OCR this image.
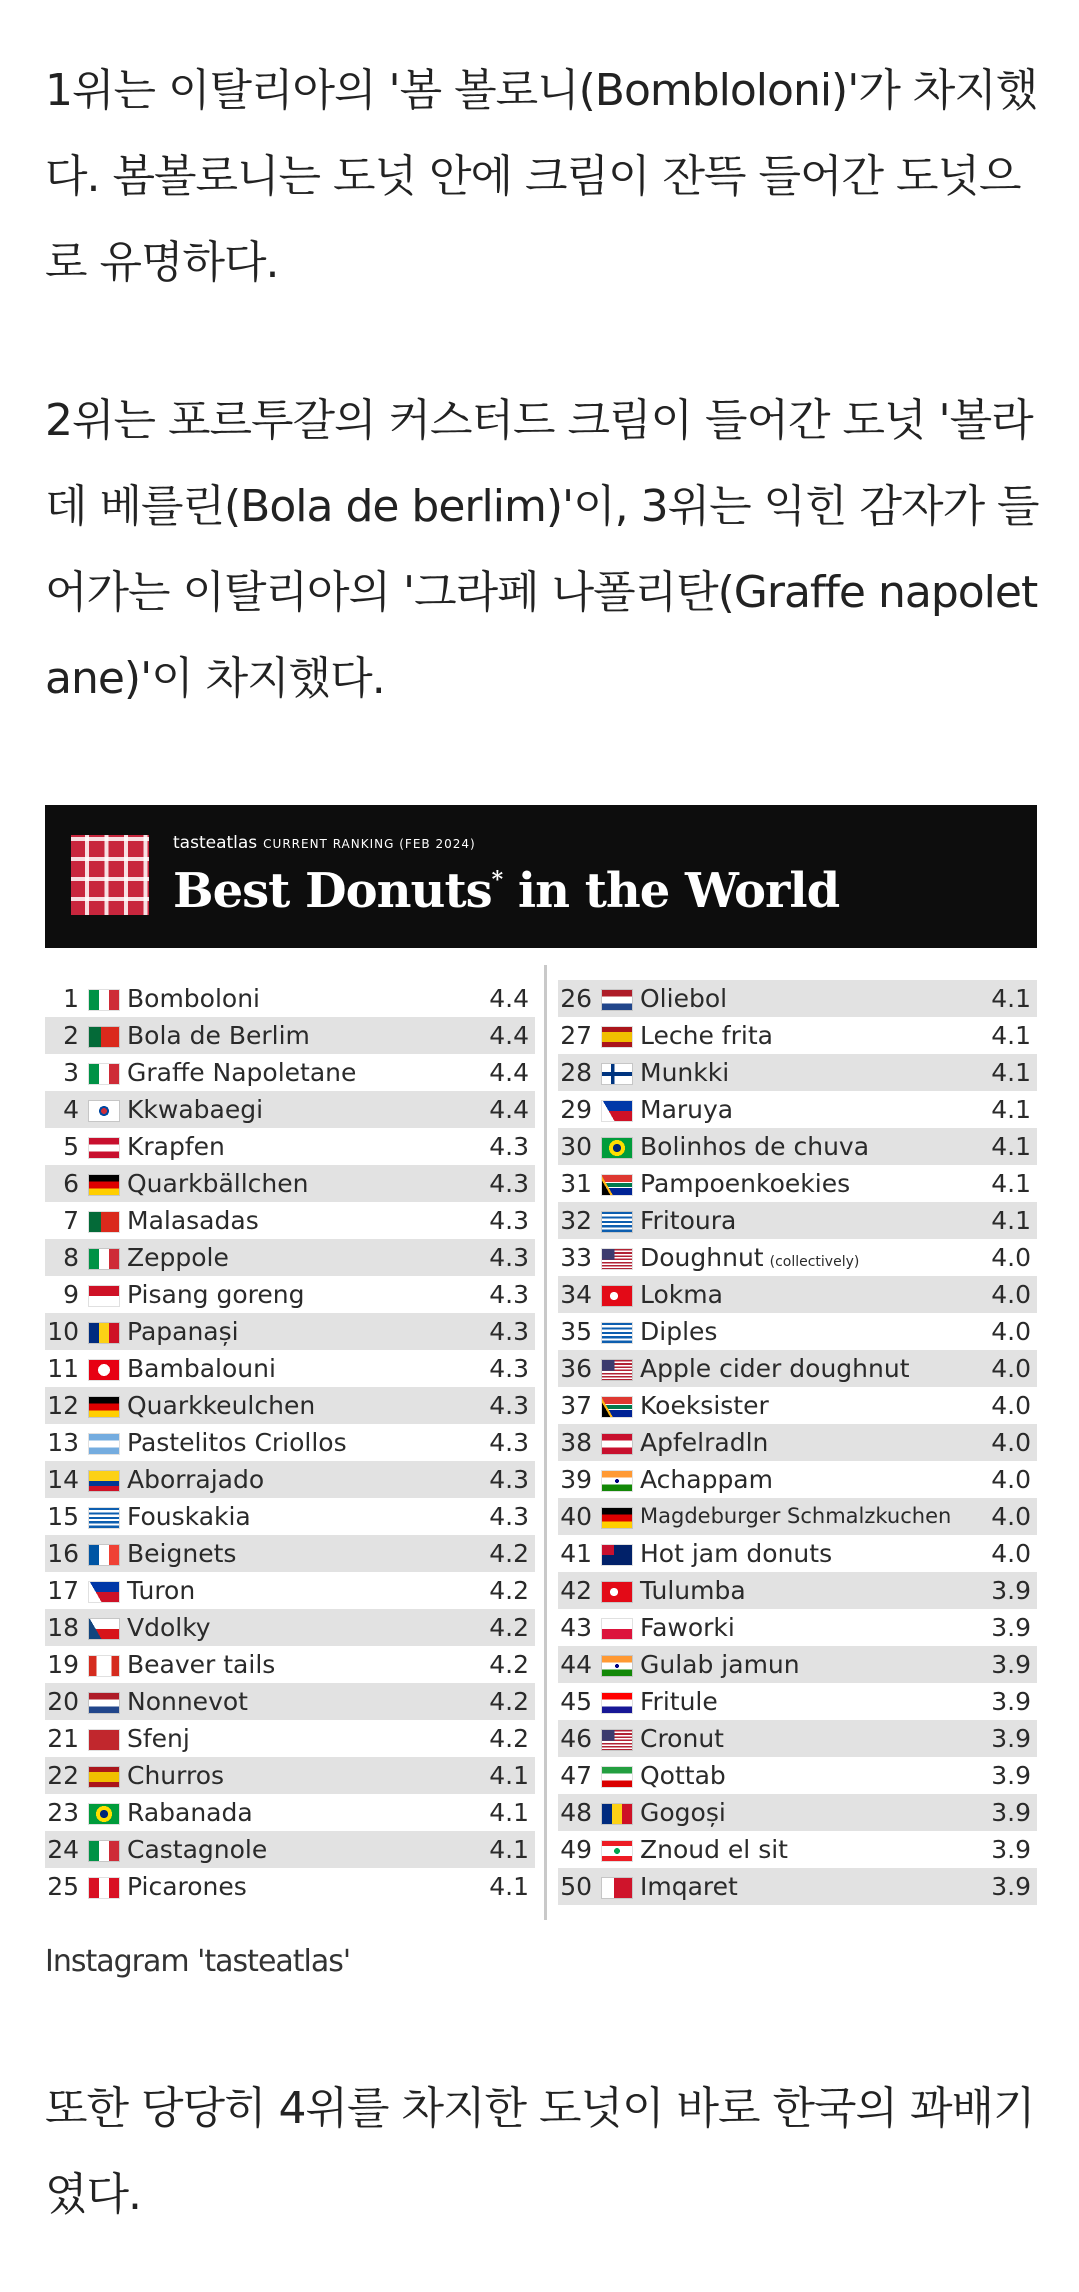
1위는 이탈리아의 '봄 볼로니(Bombloloni)'가 차지했다. 봄볼로니는 도넛 안에 크림이 잔뜩 들어간 도넛으로 유명하다.
2위는 포르투갈의 커스터드 크림이 들어간 도넛 '볼라 데 베를린(Bola de berlim)'이, 3위는 익힌 감자가 들어가는 이탈리아의 '그라페 나폴리탄(Graffe napoletane)'이 차지했다.
tasteatlas CURRENT RANKING (FEB 2024)
Best Donuts* in the World
1 Bomboloni	4.4
2 Bola de Berlim	4.4
3 Graffe Napoletane	4.4
4 Kkwabaegi	4.4
5 Krapfen	4.3
6 Quarkbällchen	4.3
7 Malasadas	4.3
8 Zeppole	4.3
9 Pisang goreng	4.3
10 Papanași	4.3
11 Bambalouni	4.3
12 Quarkkeulchen	4.3
13 Pastelitos Criollos	4.3
14 Aborrajado	4.3
15 Fouskakia	4.3
16 Beignets	4.2
17 Turon	4.2
18 Vdolky	4.2
19 Beaver tails	4.2
20 Nonnevot	4.2
21 Sfenj	4.2
22 Churros	4.1
23 Rabanada	4.1
24 Castagnole	4.1
25 Picarones	4.1
26 Oliebol	4.1
27 Leche frita	4.1
28 Munkki	4.1
29 Maruya	4.1
30 Bolinhos de chuva	4.1
31 Pampoenkoekies	4.1
32 Fritoura	4.1
33 Doughnut (collectively)	4.0
34 Lokma	4.0
35 Diples	4.0
36 Apple cider doughnut	4.0
37 Koeksister	4.0
38 Apfelradln	4.0
39 Achappam	4.0
40 Magdeburger Schmalzkuchen 4.0
41 Hot jam donuts	4.0
42 Tulumba	3.9
43 Faworki	3.9
44 Gulab jamun	3.9
45 Fritule	3.9
46 Cronut	3.9
47 Qottab	3.9
48 Gogoși	3.9
49 Znoud el sit	3.9
50 Imqaret	3.9
Instagram 'tasteatlas'
또한 당당히 4위를 차지한 도넛이 바로 한국의 꽈배기였다.
